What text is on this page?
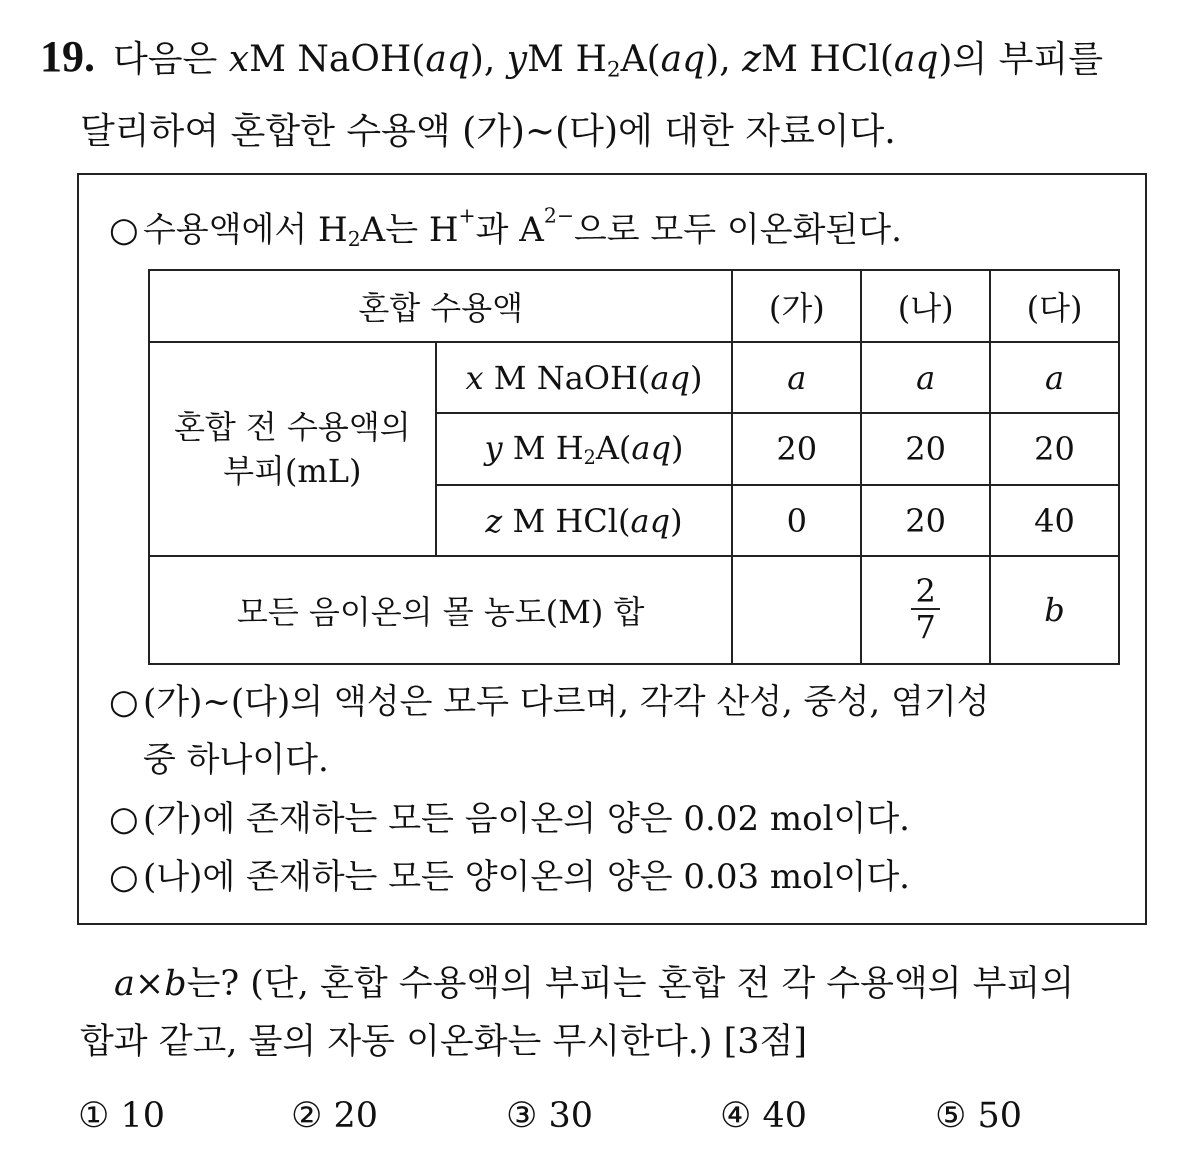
19. 다음은 xM NaOH(aq), yM $H_2A(aq)$, zM HCl(aq)의 부피를
달리하여 혼합한 수용액 (가)~(다)에 대한 자료이다.
○ 수용액에서 $H_2A$는 H+과 $A^{2-}$으로 모두 이온화된다.
혼합 수용액		(가)	(나)	(다)
혼합 전 수용액의
부피(mL)	x M NaOH(aq)	a	a	a
	y M $H_2A(aq)$	20	20	20
	z M HCl(aq)	0	20	40
모든 음이온의 몰 농도(M) 합			$\frac{2}{7}$	b
○ (가)~(다)의 액성은 모두 다르며, 각각 산성, 중성, 염기성
중 하나이다.
○ (가)에 존재하는 모든 음이온의 양은 0.02 mol이다.
○ (나)에 존재하는 모든 양이온의 양은 0.03 mol이다.
a×b는? (단, 혼합 수용액의 부피는 혼합 전 각 수용액의 부피의
합과 같고, 물의 자동 이온화는 무시한다.) [3점]
① 10	② 20	③ 30	④ 40	⑤ 50
